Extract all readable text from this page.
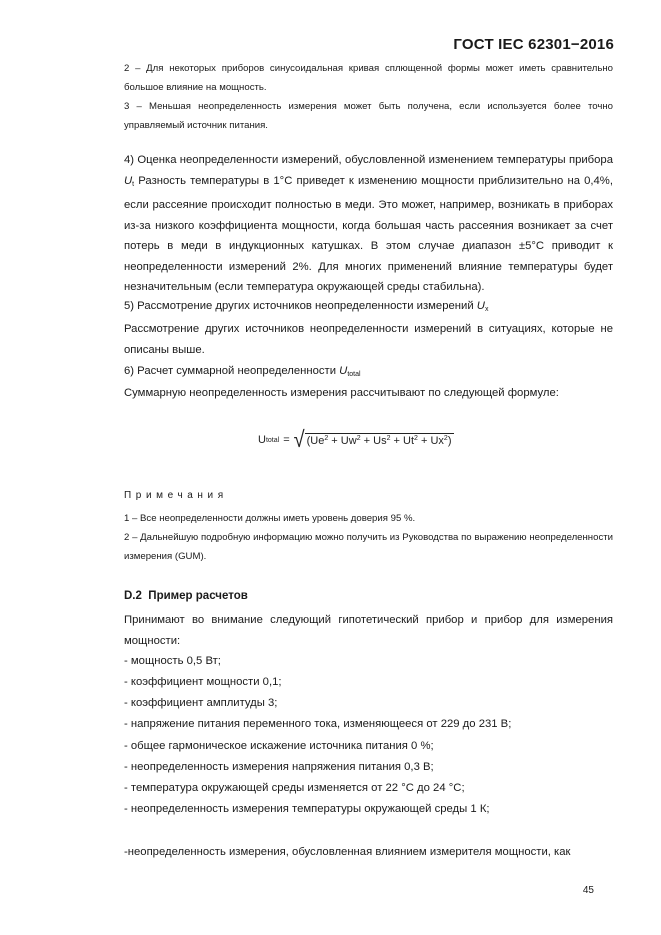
ГОСТ IEC 62301−2016

2 – Для некоторых приборов синусоидальная кривая сплющенной формы может иметь сравнительно большое влияние на мощность.

3 – Меньшая неопределенность измерения может быть получена, если используется более точно управляемый источник питания.

4) Оценка неопределенности измерений, обусловленной изменением температуры прибора $U_t$ Разность температуры в 1°С приведет к изменению мощности приблизительно на 0,4%, если рассеяние происходит полностью в меди. Это может, например, возникать в приборах из-за низкого коэффициента мощности, когда большая часть рассеяния возникает за счет потерь в меди в индукционных катушках. В этом случае диапазон ±5°С приводит к неопределенности измерений 2%. Для многих применений влияние температуры будет незначительным (если температура окружающей среды стабильна).

5) Рассмотрение других источников неопределенности измерений $U_x$

Рассмотрение других источников неопределенности измерений в ситуациях, которые не описаны выше.

6) Расчет суммарной неопределенности $U_{total}$

Суммарную неопределенность измерения рассчитывают по следующей формуле:

U total = √ $(Ue^2 + Uw^2 + Us^2 + Ut^2 + Ux^2)$
Примечания

1 – Все неопределенности должны иметь уровень доверия 95 %.

2 – Дальнейшую подробную информацию можно получить из Руководства по выражению неопределенности измерения (GUM).

D.2 Пример расчетов

Принимают во внимание следующий гипотетический прибор и прибор для измерения мощности:

- мощность 0,5 Вт;
- коэффициент мощности 0,1;
- коэффициент амплитуды 3;
- напряжение питания переменного тока, изменяющееся от 229 до 231 В;
- общее гармоническое искажение источника питания 0 %;
- неопределенность измерения напряжения питания 0,3 В;
- температура окружающей среды изменяется от 22 °С до 24 °С;
- неопределенность измерения температуры окружающей среды 1 К;

-неопределенность измерения, обусловленная влиянием измерителя мощности, как

45
